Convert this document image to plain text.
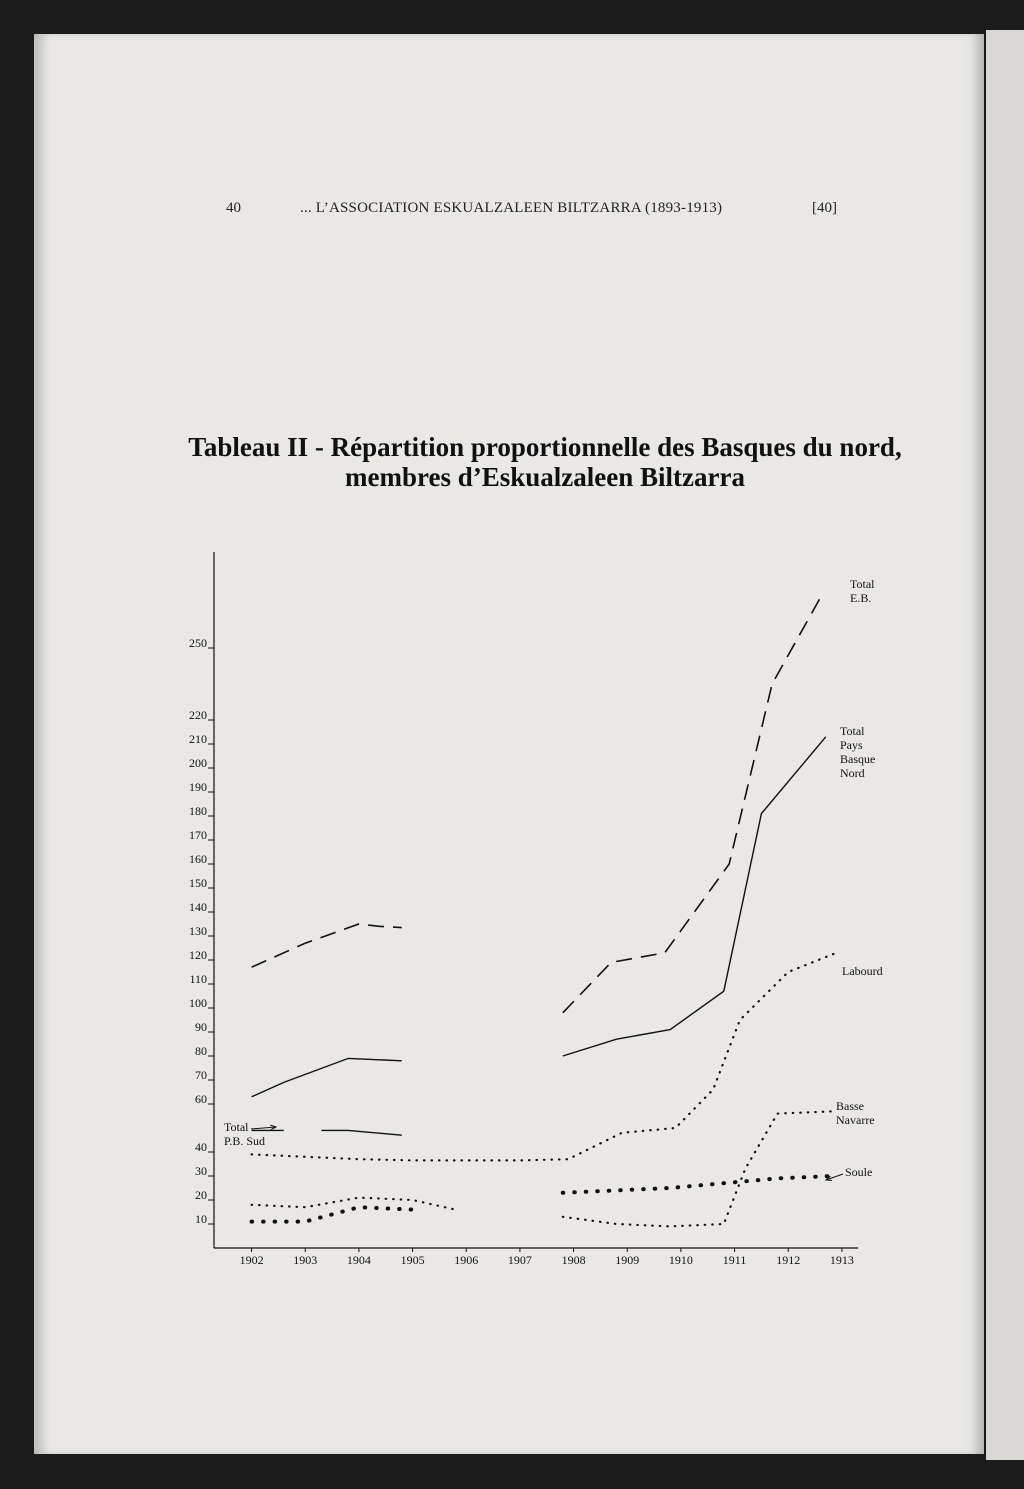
40	... L’ASSOCIATION ESKUALZALEEN BILTZARRA (1893-1913)	[40]
Tableau II - Répartition proportionnelle des Basques du nord,
membres d’Eskualzaleen Biltzarra
10
20
30
40
60
70
80
90
100
110
120
130
140
150
160
170
180
190
200
210
220
250
1902 1903 1904 1905 1906 1907 1908 1909 1910 1911 1912 1913
Total
E.B.
Total
Pays
Basque
Nord
Total
P.B. Sud
Labourd
Basse
Navarre
Soule
